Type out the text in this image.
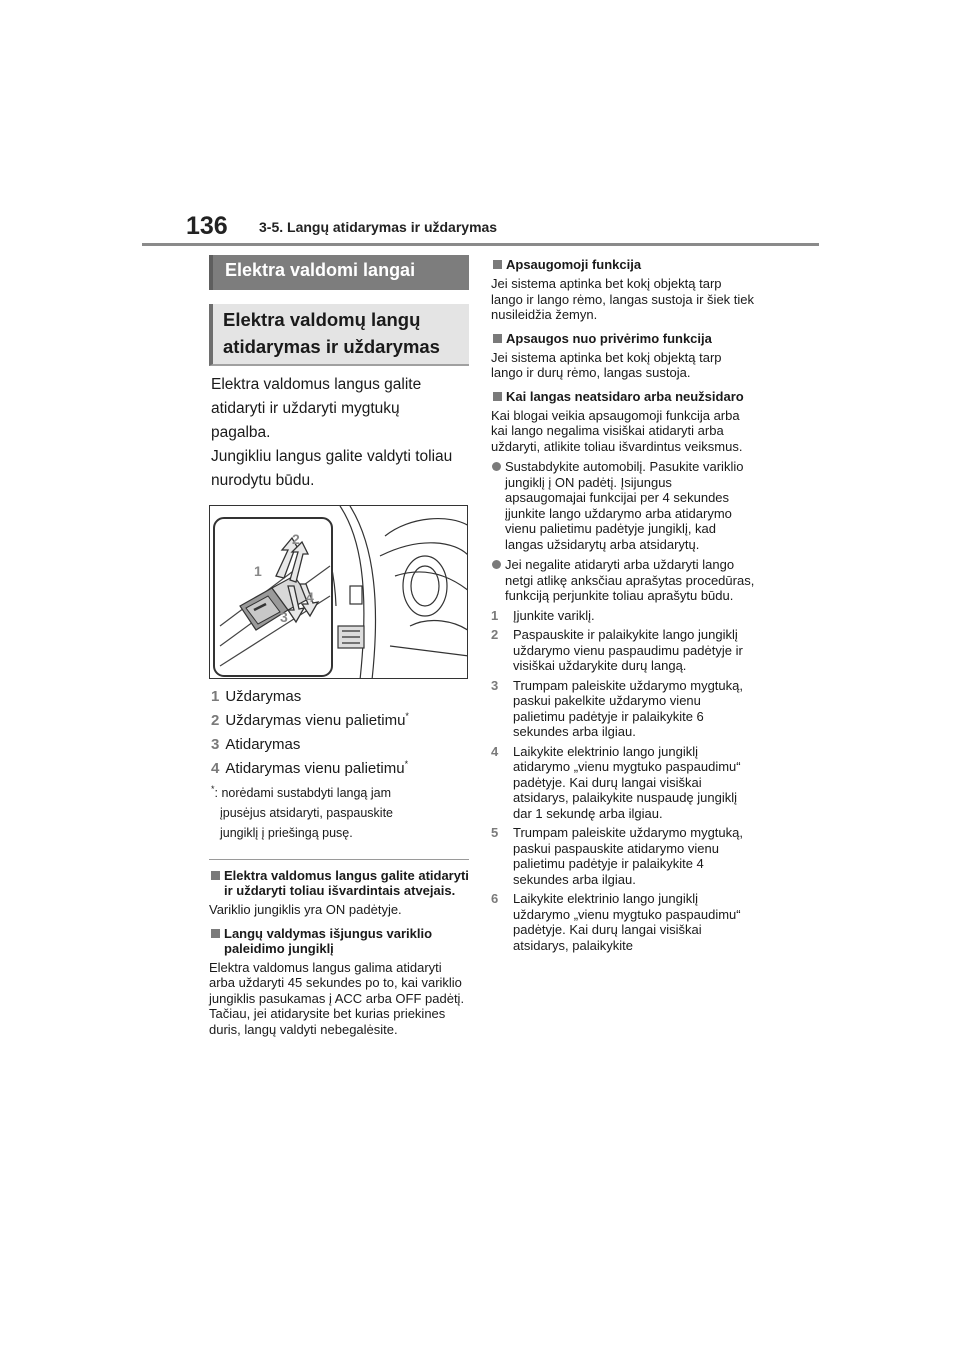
136 3-5. Langų atidarymas ir uždarymas
Elektra valdomi langai
Elektra valdomų langų atidarymas ir uždarymas
Elektra valdomus langus galite
atidaryti ir uždaryti mygtukų
pagalba.
Jungikliu langus galite valdyti toliau
nurodytu būdu.
1
2
3
4
1 Uždarymas
2 Uždarymas vienu palietimu*
3 Atidarymas
4 Atidarymas vienu palietimu*
*: norėdami sustabdyti langą jam
įpusėjus atsidaryti, paspauskite
jungiklį į priešingą pusę.
Elektra valdomus langus galite atidaryti ir uždaryti toliau išvardintais atvejais.
Variklio jungiklis yra ON padėtyje.
Langų valdymas išjungus variklio paleidimo jungiklį
Elektra valdomus langus galima atidaryti arba uždaryti 45 sekundes po to, kai variklio jungiklis pasukamas į ACC arba OFF padėtį. Tačiau, jei atidarysite bet kurias priekines duris, langų valdyti nebegalėsite.
Apsaugomoji funkcija
Jei sistema aptinka bet kokį objektą tarp lango ir lango rėmo, langas sustoja ir šiek tiek nusileidžia žemyn.
Apsaugos nuo privėrimo funkcija
Jei sistema aptinka bet kokį objektą tarp lango ir durų rėmo, langas sustoja.
Kai langas neatsidaro arba neužsidaro
Kai blogai veikia apsaugomoji funkcija arba kai lango negalima visiškai atidaryti arba uždaryti, atlikite toliau išvardintus veiksmus.
Sustabdykite automobilį. Pasukite variklio jungiklį į ON padėtį. Įsijungus apsaugomajai funkcijai per 4 sekundes įjunkite lango uždarymo arba atidarymo vienu palietimu padėtyje jungiklį, kad langas užsidarytų arba atsidarytų.
Jei negalite atidaryti arba uždaryti lango netgi atlikę anksčiau aprašytas procedūras, funkciją perjunkite toliau aprašytu būdu.
1 Įjunkite variklį.
2 Paspauskite ir palaikykite lango jungiklį uždarymo vienu paspaudimu padėtyje ir visiškai uždarykite durų langą.
3 Trumpam paleiskite uždarymo mygtuką, paskui pakelkite uždarymo vienu palietimu padėtyje ir palaikykite 6 sekundes arba ilgiau.
4 Laikykite elektrinio lango jungiklį atidarymo „vienu mygtuko paspaudimu“ padėtyje. Kai durų langai visiškai atsidarys, palaikykite nuspaudę jungiklį dar 1 sekundę arba ilgiau.
5 Trumpam paleiskite uždarymo mygtuką, paskui paspauskite atidarymo vienu palietimu padėtyje ir palaikykite 4 sekundes arba ilgiau.
6 Laikykite elektrinio lango jungiklį uždarymo „vienu mygtuko paspaudimu“ padėtyje. Kai durų langai visiškai atsidarys, palaikykite
